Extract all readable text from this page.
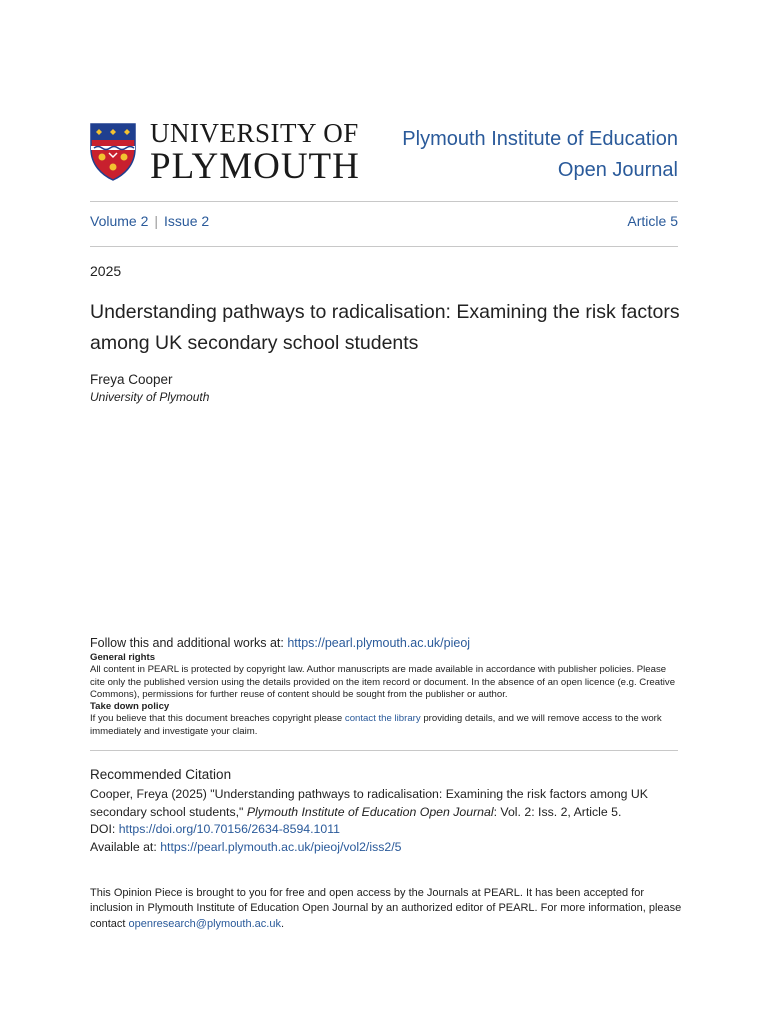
UNIVERSITY OF
PLYMOUTH
Plymouth Institute of Education
Open Journal
Volume 2 | Issue 2	Article 5
2025
Understanding pathways to radicalisation: Examining the risk factors among UK secondary school students
Freya Cooper
University of Plymouth
Follow this and additional works at: https://pearl.plymouth.ac.uk/pieoj
General rights
All content in PEARL is protected by copyright law. Author manuscripts are made available in accordance with publisher policies. Please cite only the published version using the details provided on the item record or document. In the absence of an open licence (e.g. Creative Commons), permissions for further reuse of content should be sought from the publisher or author.
Take down policy
If you believe that this document breaches copyright please contact the library providing details, and we will remove access to the work immediately and investigate your claim.
Recommended Citation
Cooper, Freya (2025) "Understanding pathways to radicalisation: Examining the risk factors among UK secondary school students," Plymouth Institute of Education Open Journal: Vol. 2: Iss. 2, Article 5.
DOI: https://doi.org/10.70156/2634-8594.1011
Available at: https://pearl.plymouth.ac.uk/pieoj/vol2/iss2/5
This Opinion Piece is brought to you for free and open access by the Journals at PEARL. It has been accepted for inclusion in Plymouth Institute of Education Open Journal by an authorized editor of PEARL. For more information, please contact openresearch@plymouth.ac.uk.
